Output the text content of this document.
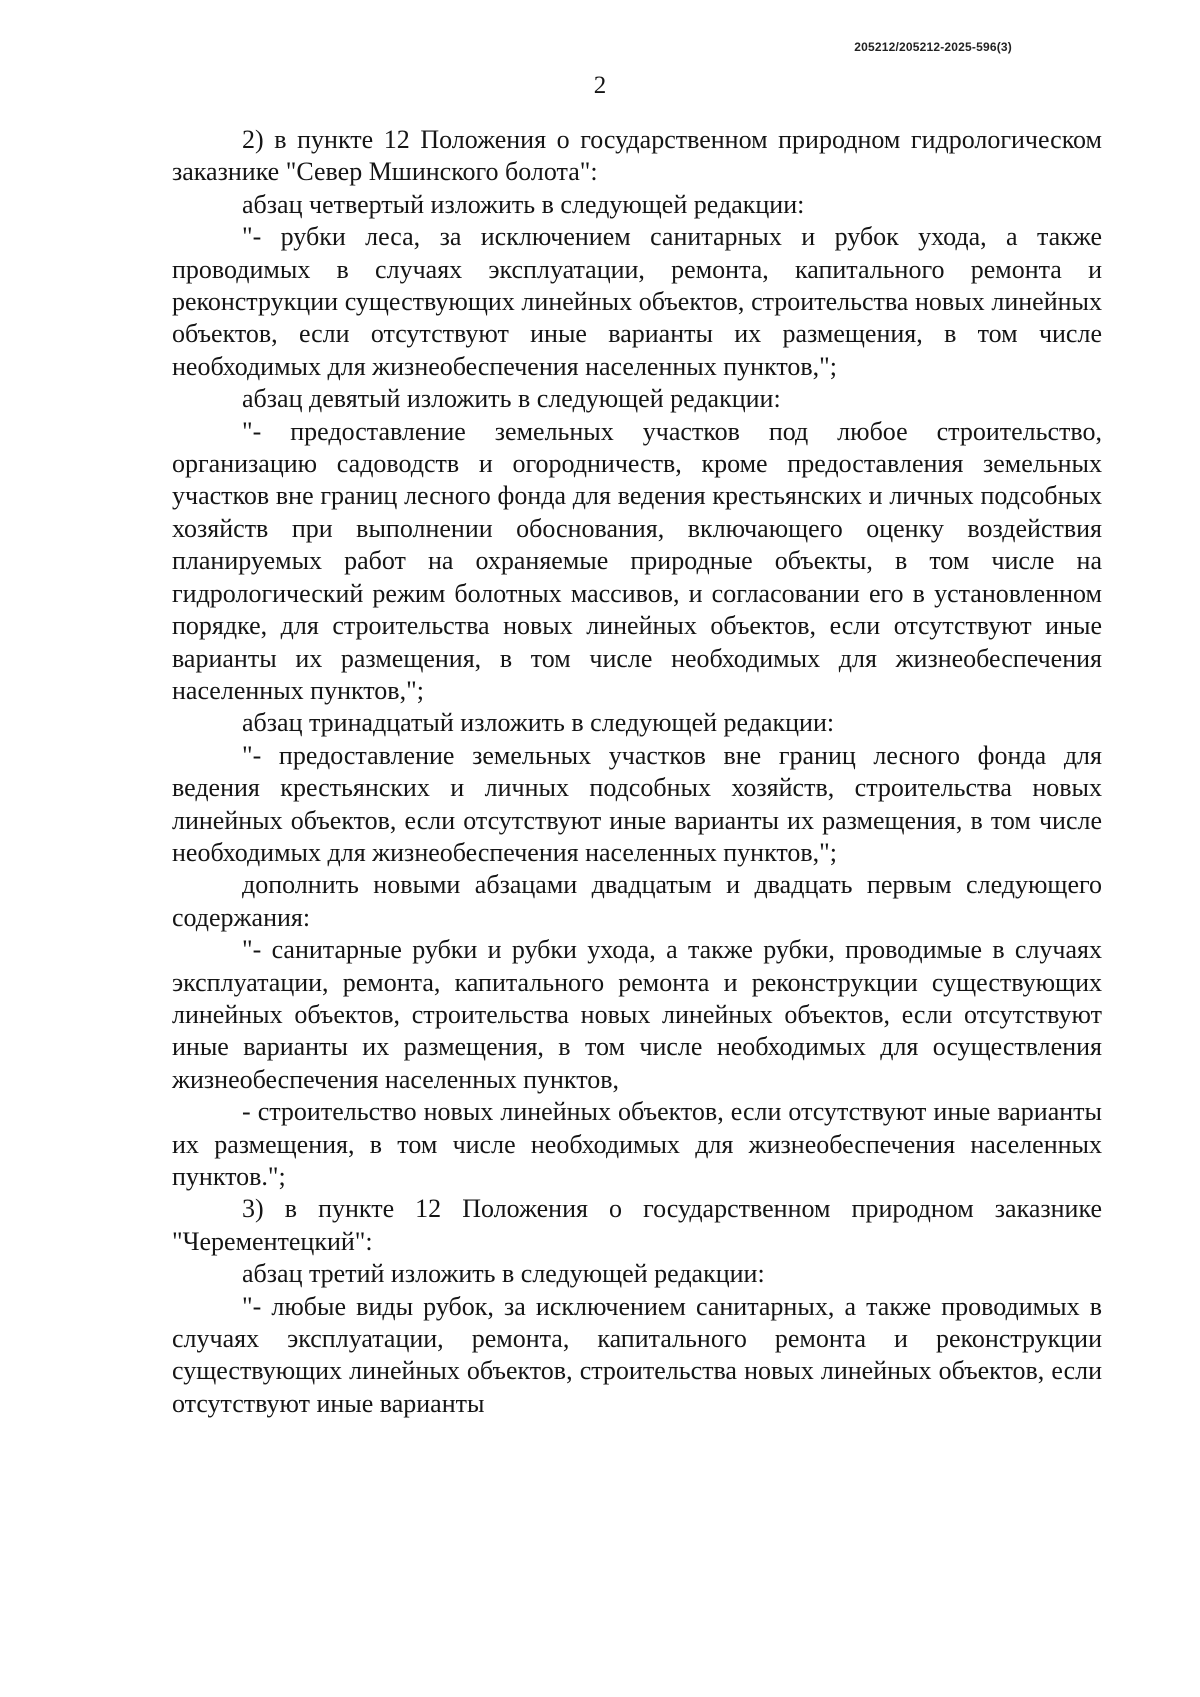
205212/205212-2025-596(3)
2

2) в пункте 12 Положения о государственном природном гидрологическом заказнике "Север Мшинского болота":

абзац четвертый изложить в следующей редакции:

"- рубки леса, за исключением санитарных и рубок ухода, а также проводимых в случаях эксплуатации, ремонта, капитального ремонта и реконструкции существующих линейных объектов, строительства новых линейных объектов, если отсутствуют иные варианты их размещения, в том числе необходимых для жизнеобеспечения населенных пунктов,";

абзац девятый изложить в следующей редакции:

"- предоставление земельных участков под любое строительство, организацию садоводств и огородничеств, кроме предоставления земельных участков вне границ лесного фонда для ведения крестьянских и личных подсобных хозяйств при выполнении обоснования, включающего оценку воздействия планируемых работ на охраняемые природные объекты, в том числе на гидрологический режим болотных массивов, и согласовании его в установленном порядке, для строительства новых линейных объектов, если отсутствуют иные варианты их размещения, в том числе необходимых для жизнеобеспечения населенных пунктов,";

абзац тринадцатый изложить в следующей редакции:

"- предоставление земельных участков вне границ лесного фонда для ведения крестьянских и личных подсобных хозяйств, строительства новых линейных объектов, если отсутствуют иные варианты их размещения, в том числе необходимых для жизнеобеспечения населенных пунктов,";

дополнить новыми абзацами двадцатым и двадцать первым следующего содержания:

"- санитарные рубки и рубки ухода, а также рубки, проводимые в случаях эксплуатации, ремонта, капитального ремонта и реконструкции существующих линейных объектов, строительства новых линейных объектов, если отсутствуют иные варианты их размещения, в том числе необходимых для осуществления жизнеобеспечения населенных пунктов,

- строительство новых линейных объектов, если отсутствуют иные варианты их размещения, в том числе необходимых для жизнеобеспечения населенных пунктов.";

3) в пункте 12 Положения о государственном природном заказнике "Черементецкий":

абзац третий изложить в следующей редакции:

"- любые виды рубок, за исключением санитарных, а также проводимых в случаях эксплуатации, ремонта, капитального ремонта и реконструкции существующих линейных объектов, строительства новых линейных объектов, если отсутствуют иные варианты
